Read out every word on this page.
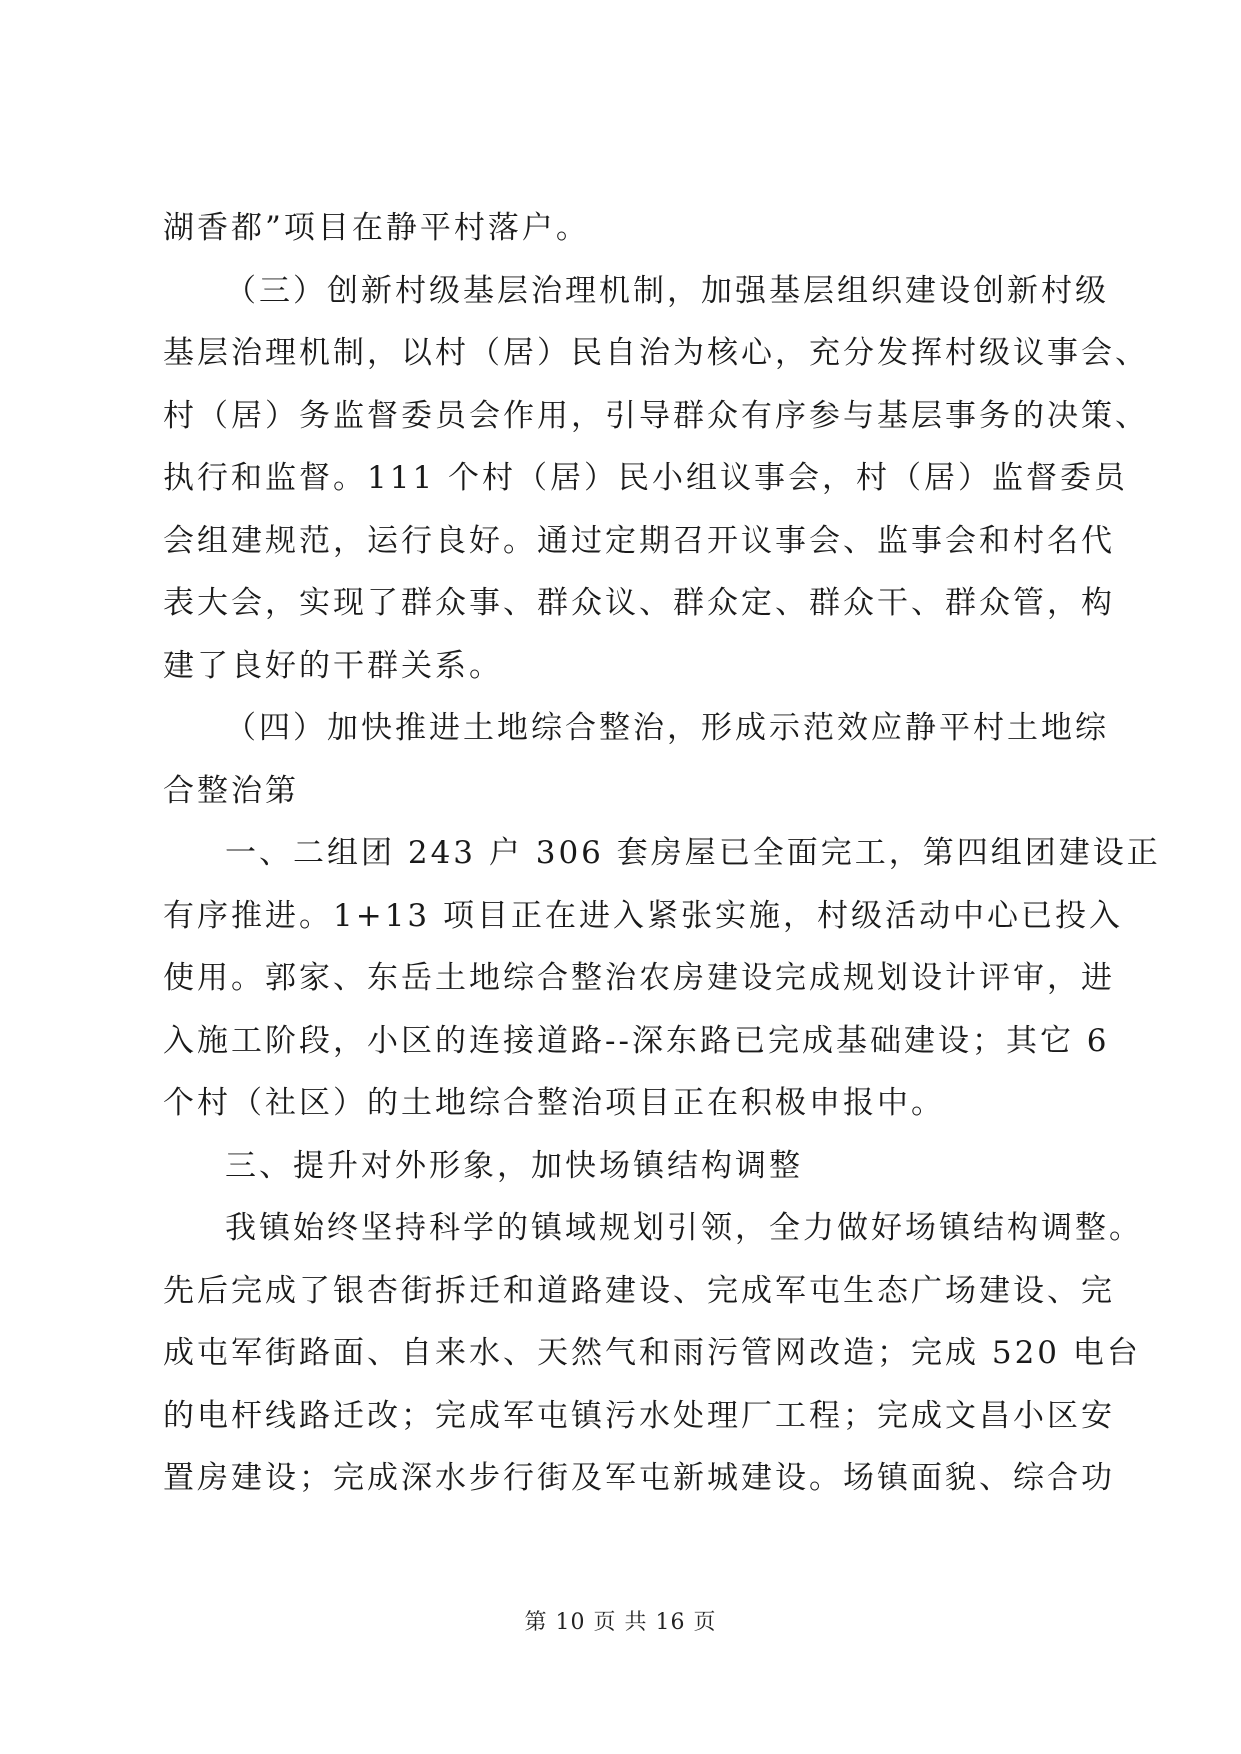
湖香都”项目在静平村落户。
（三）创新村级基层治理机制，加强基层组织建设创新村级
基层治理机制，以村（居）民自治为核心，充分发挥村级议事会、
村（居）务监督委员会作用，引导群众有序参与基层事务的决策、
执行和监督。111 个村（居）民小组议事会，村（居）监督委员
会组建规范，运行良好。通过定期召开议事会、监事会和村名代
表大会，实现了群众事、群众议、群众定、群众干、群众管，构
建了良好的干群关系。
（四）加快推进土地综合整治，形成示范效应静平村土地综
合整治第
一、二组团 243 户 306 套房屋已全面完工，第四组团建设正
有序推进。1+13 项目正在进入紧张实施，村级活动中心已投入
使用。郭家、东岳土地综合整治农房建设完成规划设计评审，进
入施工阶段，小区的连接道路--深东路已完成基础建设；其它 6
个村（社区）的土地综合整治项目正在积极申报中。
三、提升对外形象，加快场镇结构调整
我镇始终坚持科学的镇域规划引领，全力做好场镇结构调整。
先后完成了银杏街拆迁和道路建设、完成军屯生态广场建设、完
成屯军街路面、自来水、天然气和雨污管网改造；完成 520 电台
的电杆线路迁改；完成军屯镇污水处理厂工程；完成文昌小区安
置房建设；完成深水步行街及军屯新城建设。场镇面貌、综合功
第 10 页 共 16 页
